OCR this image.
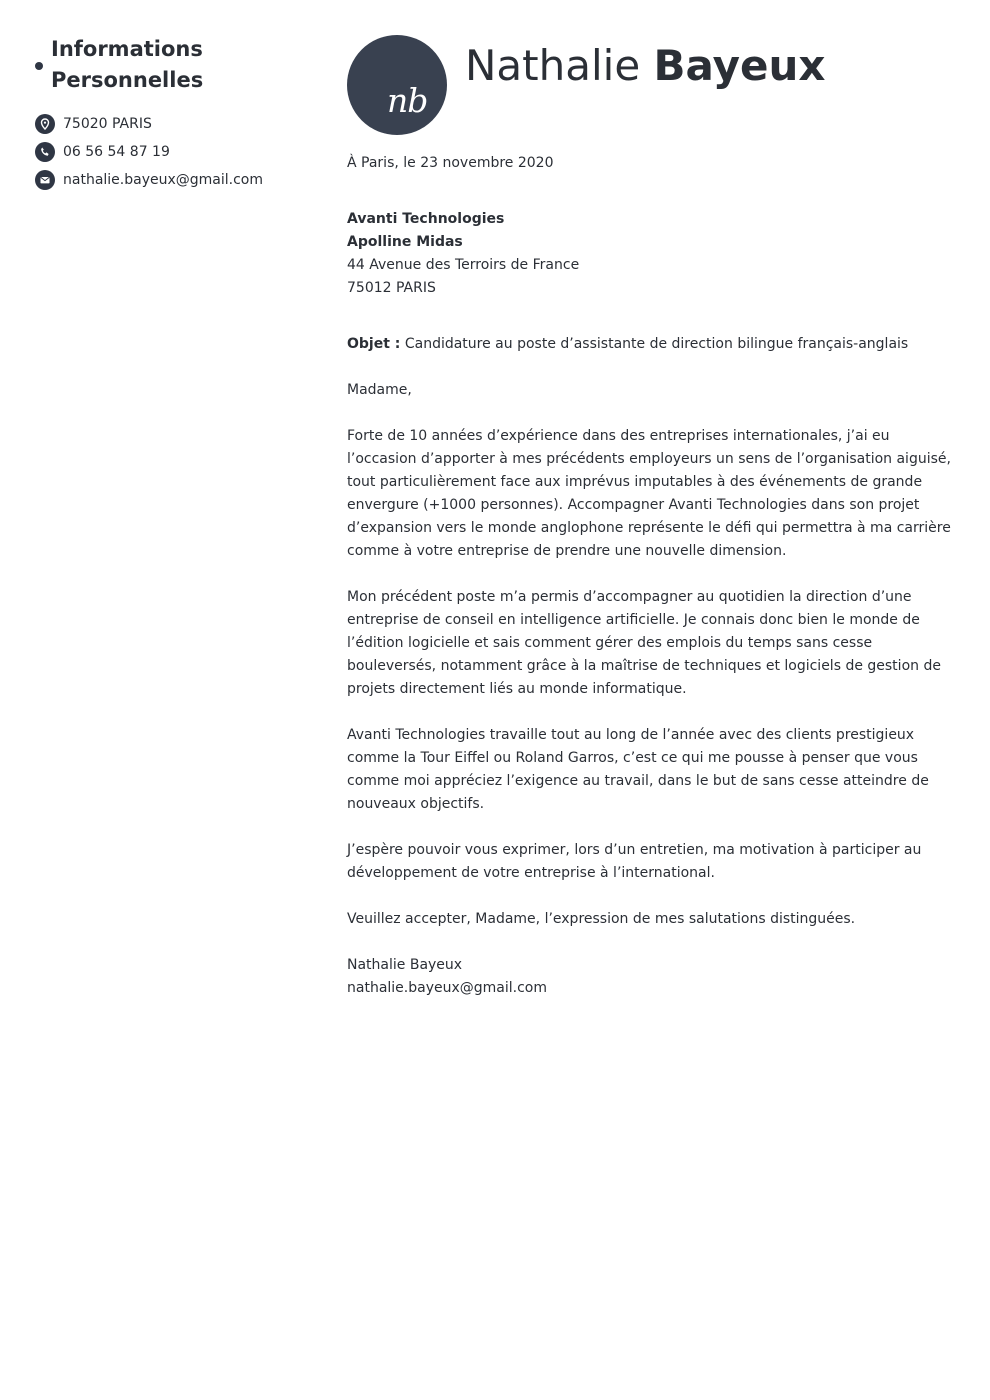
Informations Personnelles
75020 PARIS
06 56 54 87 19
nathalie.bayeux@gmail.com
nb
Nathalie Bayeux

À Paris, le 23 novembre 2020

Avanti Technologies

Apolline Midas

44 Avenue des Terroirs de France

75012 PARIS

Objet : Candidature au poste d’assistante de direction bilingue français-anglais

Madame,

Forte de 10 années d’expérience dans des entreprises internationales, j’ai eu l’occasion d’apporter à mes précédents employeurs un sens de l’organisation aiguisé, tout particulièrement face aux imprévus imputables à des événements de grande envergure (+1000 personnes). Accompagner Avanti Technologies dans son projet d’expansion vers le monde anglophone représente le défi qui permettra à ma carrière comme à votre entreprise de prendre une nouvelle dimension.

Mon précédent poste m’a permis d’accompagner au quotidien la direction d’une entreprise de conseil en intelligence artificielle. Je connais donc bien le monde de l’édition logicielle et sais comment gérer des emplois du temps sans cesse bouleversés, notamment grâce à la maîtrise de techniques et logiciels de gestion de projets directement liés au monde informatique.

Avanti Technologies travaille tout au long de l’année avec des clients prestigieux comme la Tour Eiffel ou Roland Garros, c’est ce qui me pousse à penser que vous comme moi appréciez l’exigence au travail, dans le but de sans cesse atteindre de nouveaux objectifs.

J’espère pouvoir vous exprimer, lors d’un entretien, ma motivation à participer au développement de votre entreprise à l’international.

Veuillez accepter, Madame, l’expression de mes salutations distinguées.

Nathalie Bayeux

nathalie.bayeux@gmail.com
